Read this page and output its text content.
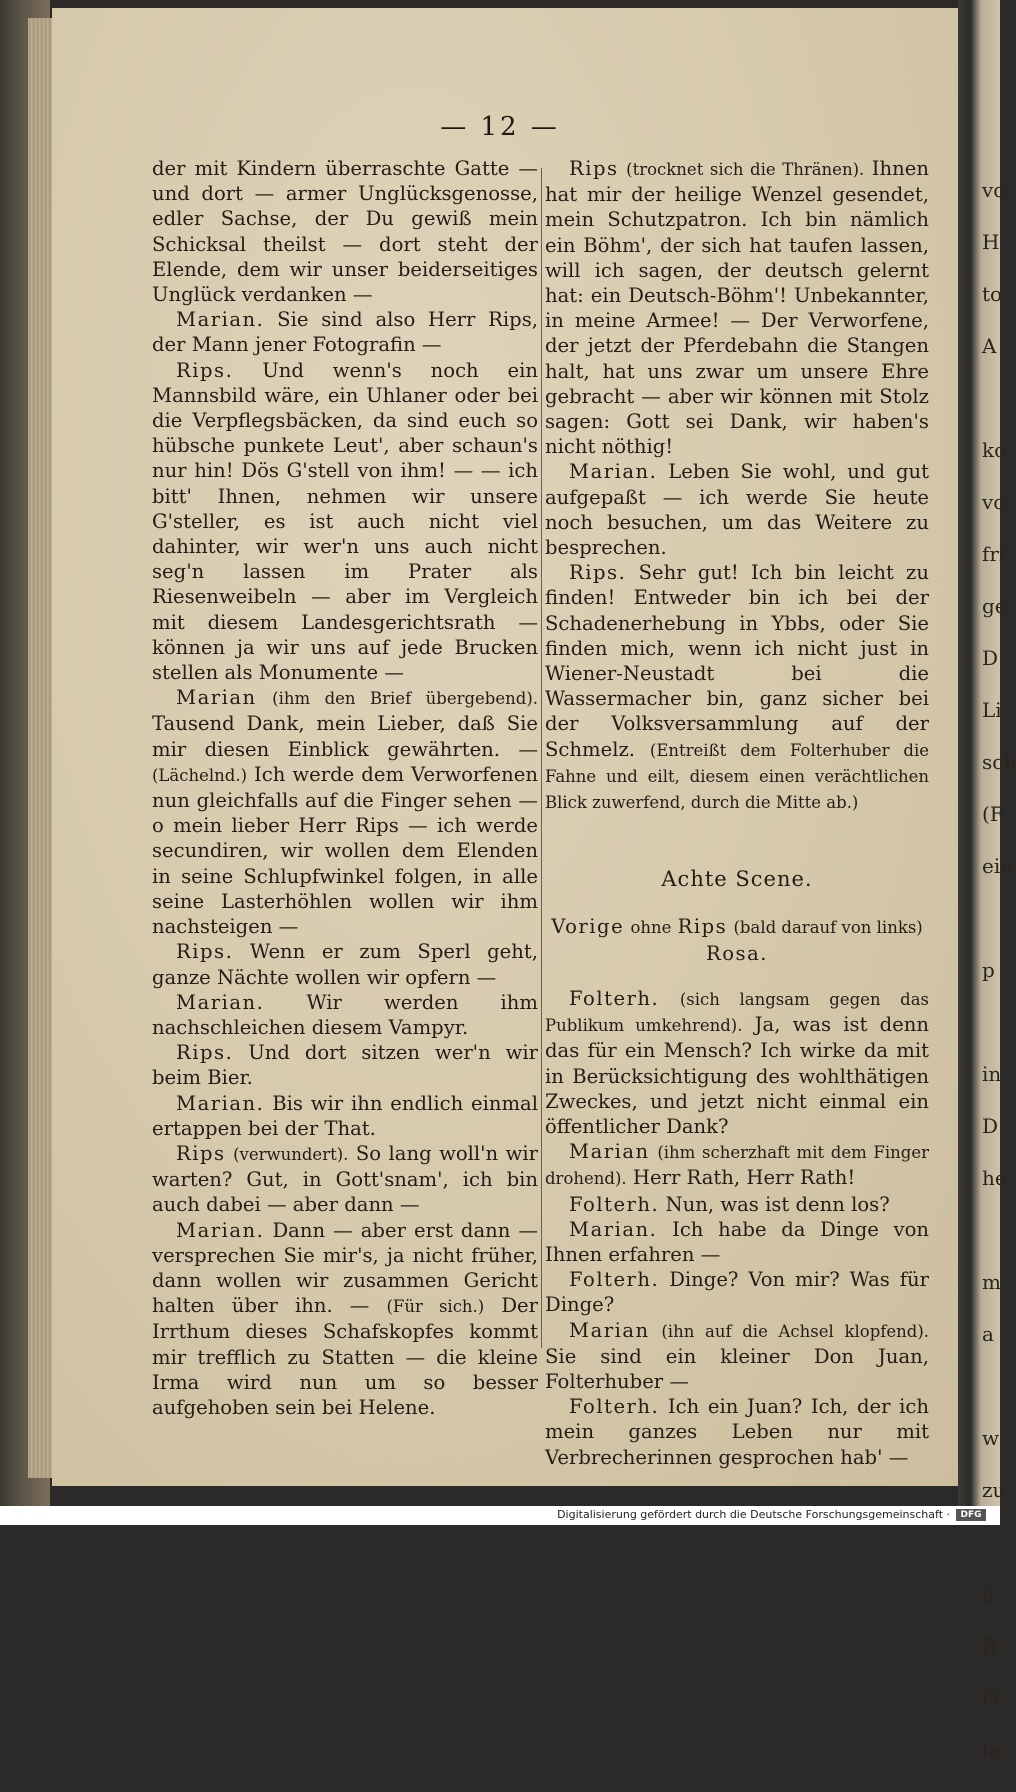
vo
H
to
A
ko
vo
fri
ge
D
Li
sch
(F
ein
p
in
D
he
m
a
w
zu
a
R
G
fe
— 12 —

der mit Kindern überraschte Gatte — und dort — armer Unglücksgenosse, edler Sachse, der Du gewiß mein Schicksal theilst — dort steht der Elende, dem wir unser beiderseitiges Unglück verdanken —

Marian. Sie sind also Herr Rips, der Mann jener Fotografin —

Rips. Und wenn's noch ein Mannsbild wäre, ein Uhlaner oder bei die Verpflegsbäcken, da sind euch so hübsche punkete Leut', aber schaun's nur hin! Dös G'stell von ihm! — — ich bitt' Ihnen, nehmen wir unsere G'steller, es ist auch nicht viel dahinter, wir wer'n uns auch nicht seg'n lassen im Prater als Riesenweibeln — aber im Vergleich mit diesem Landesgerichtsrath — können ja wir uns auf jede Brucken stellen als Monumente —

Marian (ihm den Brief übergebend). Tausend Dank, mein Lieber, daß Sie mir diesen Einblick gewährten. — (Lächelnd.) Ich werde dem Verworfenen nun gleichfalls auf die Finger sehen — o mein lieber Herr Rips — ich werde secundiren, wir wollen dem Elenden in seine Schlupfwinkel folgen, in alle seine Lasterhöhlen wollen wir ihm nachsteigen —

Rips. Wenn er zum Sperl geht, ganze Nächte wollen wir opfern —

Marian. Wir werden ihm nachschleichen diesem Vampyr.

Rips. Und dort sitzen wer'n wir beim Bier.

Marian. Bis wir ihn endlich einmal ertappen bei der That.

Rips (verwundert). So lang woll'n wir warten? Gut, in Gott'snam', ich bin auch dabei — aber dann —

Marian. Dann — aber erst dann — versprechen Sie mir's, ja nicht früher, dann wollen wir zusammen Gericht halten über ihn. — (Für sich.) Der Irrthum dieses Schafskopfes kommt mir trefflich zu Statten — die kleine Irma wird nun um so besser aufgehoben sein bei Helene.

Rips (trocknet sich die Thränen). Ihnen hat mir der heilige Wenzel gesendet, mein Schutzpatron. Ich bin nämlich ein Böhm', der sich hat taufen lassen, will ich sagen, der deutsch gelernt hat: ein Deutsch-Böhm'! Unbekannter, in meine Armee! — Der Verworfene, der jetzt der Pferdebahn die Stangen halt, hat uns zwar um unsere Ehre gebracht — aber wir können mit Stolz sagen: Gott sei Dank, wir haben's nicht nöthig!

Marian. Leben Sie wohl, und gut aufgepaßt — ich werde Sie heute noch besuchen, um das Weitere zu besprechen.

Rips. Sehr gut! Ich bin leicht zu finden! Entweder bin ich bei der Schadenerhebung in Ybbs, oder Sie finden mich, wenn ich nicht just in Wiener-Neustadt bei die Wassermacher bin, ganz sicher bei der Volksversammlung auf der Schmelz. (Entreißt dem Folterhuber die Fahne und eilt, diesem einen verächtlichen Blick zuwerfend, durch die Mitte ab.)

Achte Scene.
Vorige ohne Rips (bald darauf von links)
Rosa.

Folterh. (sich langsam gegen das Publikum umkehrend). Ja, was ist denn das für ein Mensch? Ich wirke da mit in Berücksichtigung des wohlthätigen Zweckes, und jetzt nicht einmal ein öffentlicher Dank?

Marian (ihm scherzhaft mit dem Finger drohend). Herr Rath, Herr Rath!

Folterh. Nun, was ist denn los?

Marian. Ich habe da Dinge von Ihnen erfahren —

Folterh. Dinge? Von mir? Was für Dinge?

Marian (ihn auf die Achsel klopfend). Sie sind ein kleiner Don Juan, Folterhuber —

Folterh. Ich ein Juan? Ich, der ich mein ganzes Leben nur mit Verbrecherinnen gesprochen hab' —

Digitalisierung gefördert durch die Deutsche Forschungsgemeinschaft ·	DFG
